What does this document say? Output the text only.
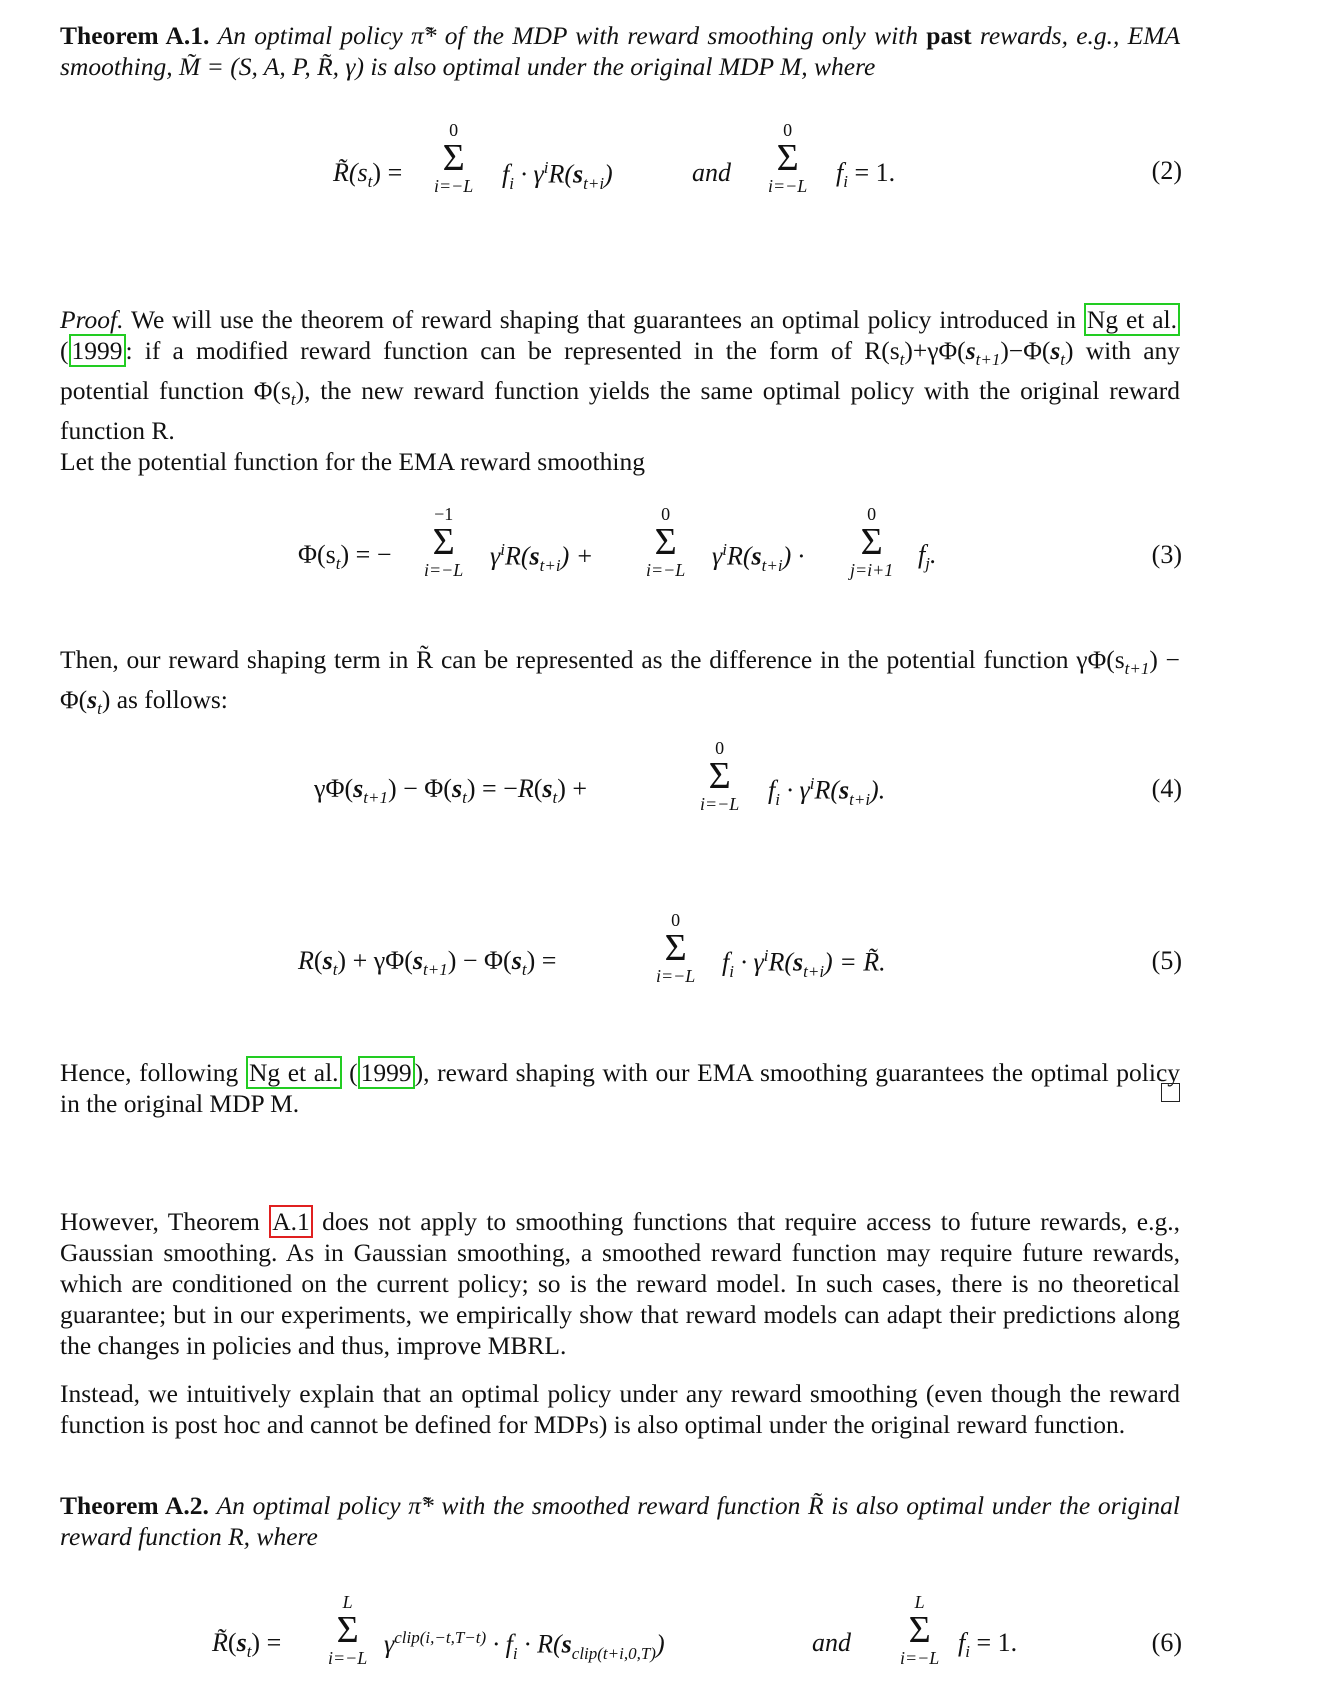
Theorem A.1. An optimal policy π̃* of the MDP with reward smoothing only with past rewards, e.g., EMA smoothing, M̃ = (S, A, P, R̃, γ) is also optimal under the original MDP M, where

$R̃(s_t)$ =
0
Σ
i=−L $f_i \cdot \gamma^iR(s_{t+i})$	and
0
Σ
i=−L $f_i = 1$.	(2)

Proof. We will use the theorem of reward shaping that guarantees an optimal policy introduced in Ng et al. ( 1999 : if a modified reward function can be represented in the form of $R(s_t)+\gamma\Phi(s_{t+1})-\Phi(s_t)$ with any potential function $\Phi(s_t)$, the new reward function yields the same optimal policy with the original reward function R.

Let the potential function for the EMA reward smoothing

$\Phi(s_t)$ = −
−1
Σ
i=−L $\gamma^iR(s_{t+i})$ +
0
Σ
i=−L $\gamma^iR(s_{t+i})$ ·
0
Σ
j=i+1
$f_j$.	(3)

Then, our reward shaping term in R̃ can be represented as the difference in the potential function $\gamma\Phi(s_{t+1}) - \Phi(s_t)$ as follows:

$\gamma\Phi(s_{t+1}) - \Phi(s_t) = -R(s_t)$ +
0
Σ
i=−L $f_i \cdot \gamma^iR(s_{t+i})$.	(4)
$R(s_t) + \gamma\Phi(s_{t+1}) - \Phi(s_t)$ =
0
Σ
i=−L $f_i \cdot \gamma^iR(s_{t+i})$ = R̃.	(5)

Hence, following Ng et al. ( 1999 ), reward shaping with our EMA smoothing guarantees the optimal policy in the original MDP M.

However, Theorem A.1 does not apply to smoothing functions that require access to future rewards, e.g., Gaussian smoothing. As in Gaussian smoothing, a smoothed reward function may require future rewards, which are conditioned on the current policy; so is the reward model. In such cases, there is no theoretical guarantee; but in our experiments, we empirically show that reward models can adapt their predictions along the changes in policies and thus, improve MBRL.

Instead, we intuitively explain that an optimal policy under any reward smoothing (even though the reward function is post hoc and cannot be defined for MDPs) is also optimal under the original reward function.

Theorem A.2. An optimal policy π̃* with the smoothed reward function R̃ is also optimal under the original reward function R, where

$R̃(s_t)$ =
L
Σ
i=−L $\gamma^{clip(i,-t,T-t)} \cdot f_i \cdot R(s_{clip(t+i,0,T)})$	and
L
Σ
i=−L
$f_i = 1$.	(6)
